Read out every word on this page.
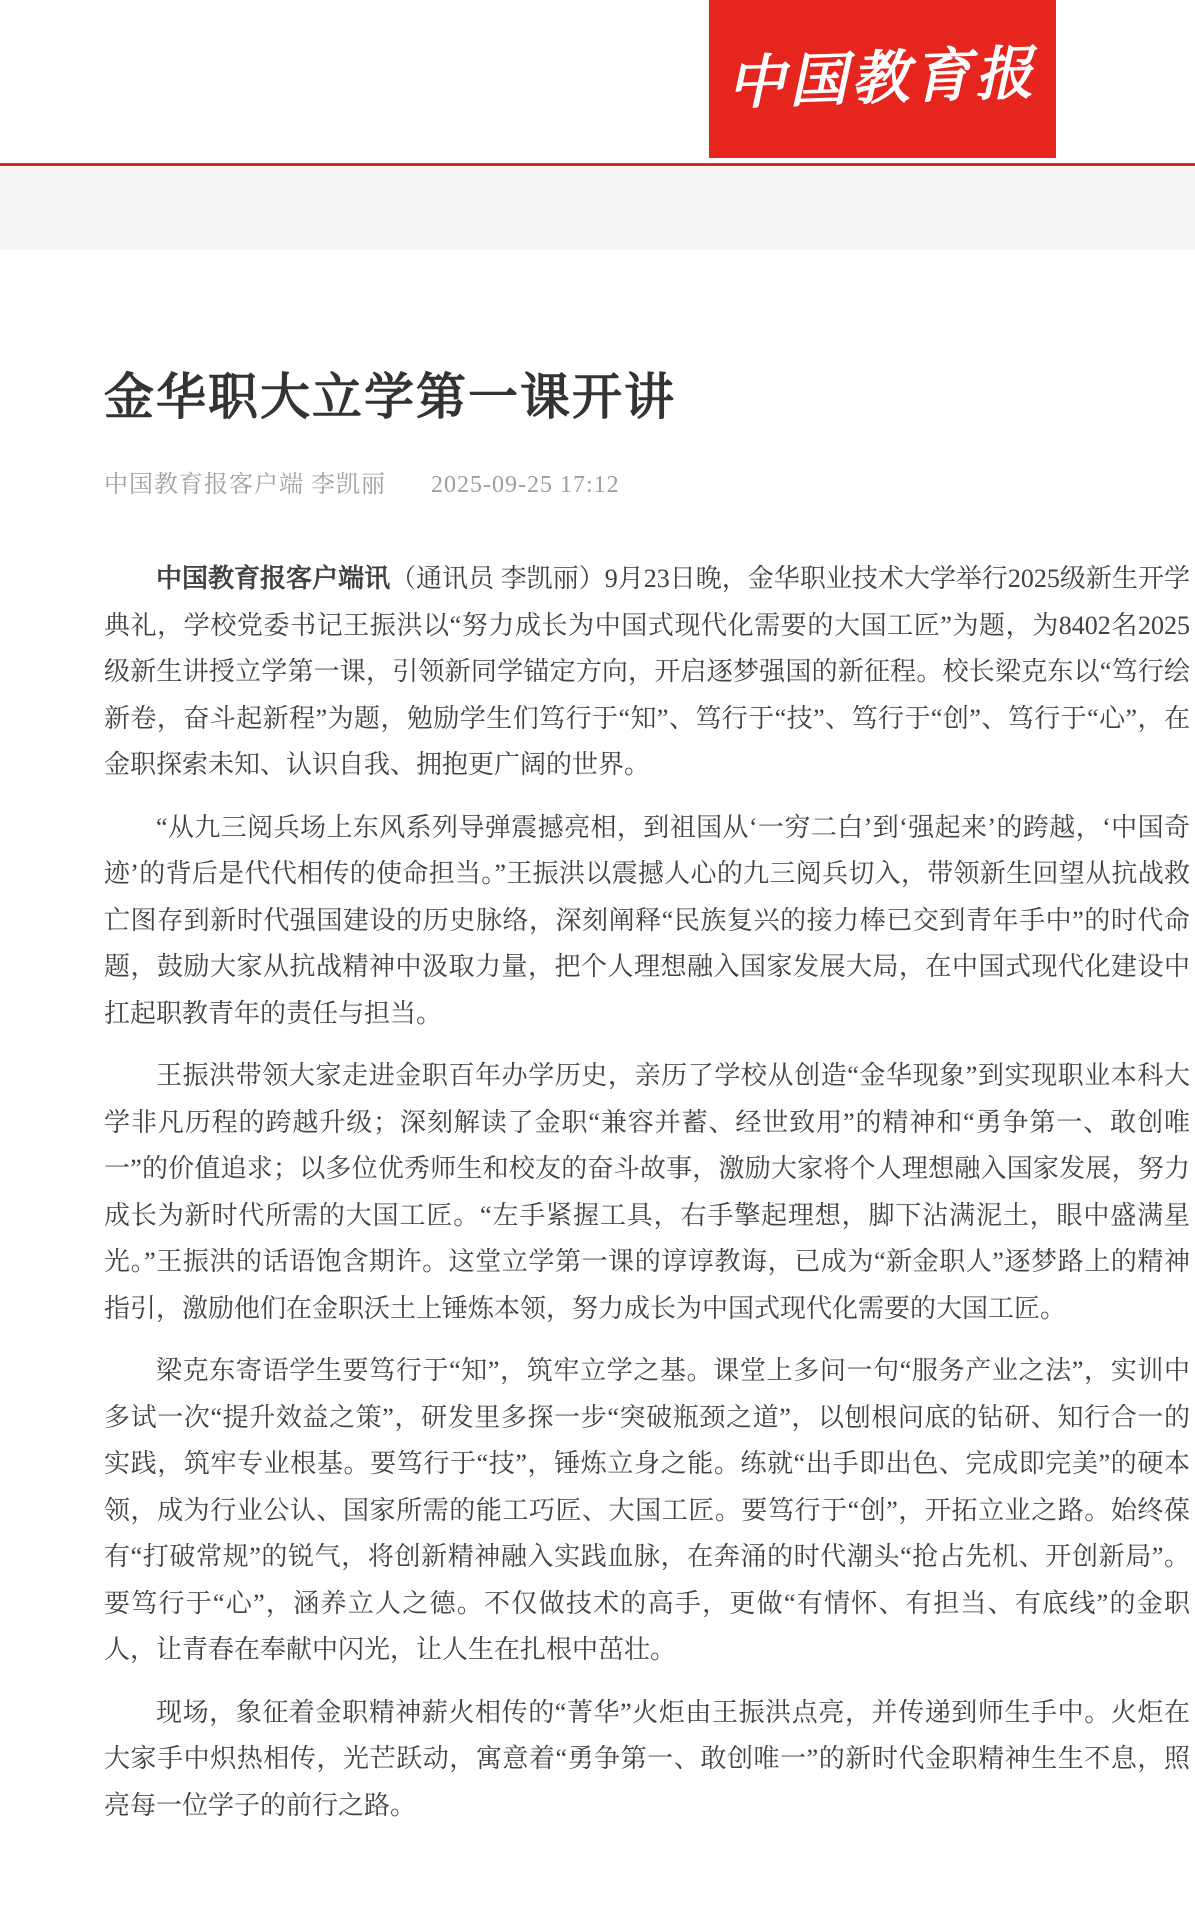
中国教育报
金华职大立学第一课开讲
中国教育报客户端 李凯丽 2025-09-25 17:12

中国教育报客户端讯（通讯员 李凯丽）9月23日晚，金华职业技术大学举行2025级新生开学典礼，学校党委书记王振洪以“努力成长为中国式现代化需要的大国工匠”为题，为8402名2025级新生讲授立学第一课，引领新同学锚定方向，开启逐梦强国的新征程。校长梁克东以“笃行绘新卷，奋斗起新程”为题，勉励学生们笃行于“知”、笃行于“技”、笃行于“创”、笃行于“心”，在金职探索未知、认识自我、拥抱更广阔的世界。

“从九三阅兵场上东风系列导弹震撼亮相，到祖国从‘一穷二白’到‘强起来’的跨越，‘中国奇迹’的背后是代代相传的使命担当。”王振洪以震撼人心的九三阅兵切入，带领新生回望从抗战救亡图存到新时代强国建设的历史脉络，深刻阐释“民族复兴的接力棒已交到青年手中”的时代命题，鼓励大家从抗战精神中汲取力量，把个人理想融入国家发展大局，在中国式现代化建设中扛起职教青年的责任与担当。

王振洪带领大家走进金职百年办学历史，亲历了学校从创造“金华现象”到实现职业本科大学非凡历程的跨越升级；深刻解读了金职“兼容并蓄、经世致用”的精神和“勇争第一、敢创唯一”的价值追求；以多位优秀师生和校友的奋斗故事，激励大家将个人理想融入国家发展，努力成长为新时代所需的大国工匠。“左手紧握工具，右手擎起理想，脚下沾满泥土，眼中盛满星光。”王振洪的话语饱含期许。这堂立学第一课的谆谆教诲，已成为“新金职人”逐梦路上的精神指引，激励他们在金职沃土上锤炼本领，努力成长为中国式现代化需要的大国工匠。

梁克东寄语学生要笃行于“知”，筑牢立学之基。课堂上多问一句“服务产业之法”，实训中多试一次“提升效益之策”，研发里多探一步“突破瓶颈之道”，以刨根问底的钻研、知行合一的实践，筑牢专业根基。要笃行于“技”，锤炼立身之能。练就“出手即出色、完成即完美”的硬本领，成为行业公认、国家所需的能工巧匠、大国工匠。要笃行于“创”，开拓立业之路。始终葆有“打破常规”的锐气，将创新精神融入实践血脉，在奔涌的时代潮头“抢占先机、开创新局”。要笃行于“心”，涵养立人之德。不仅做技术的高手，更做“有情怀、有担当、有底线”的金职人，让青春在奉献中闪光，让人生在扎根中茁壮。

现场，象征着金职精神薪火相传的“菁华”火炬由王振洪点亮，并传递到师生手中。火炬在大家手中炽热相传，光芒跃动，寓意着“勇争第一、敢创唯一”的新时代金职精神生生不息，照亮每一位学子的前行之路。
